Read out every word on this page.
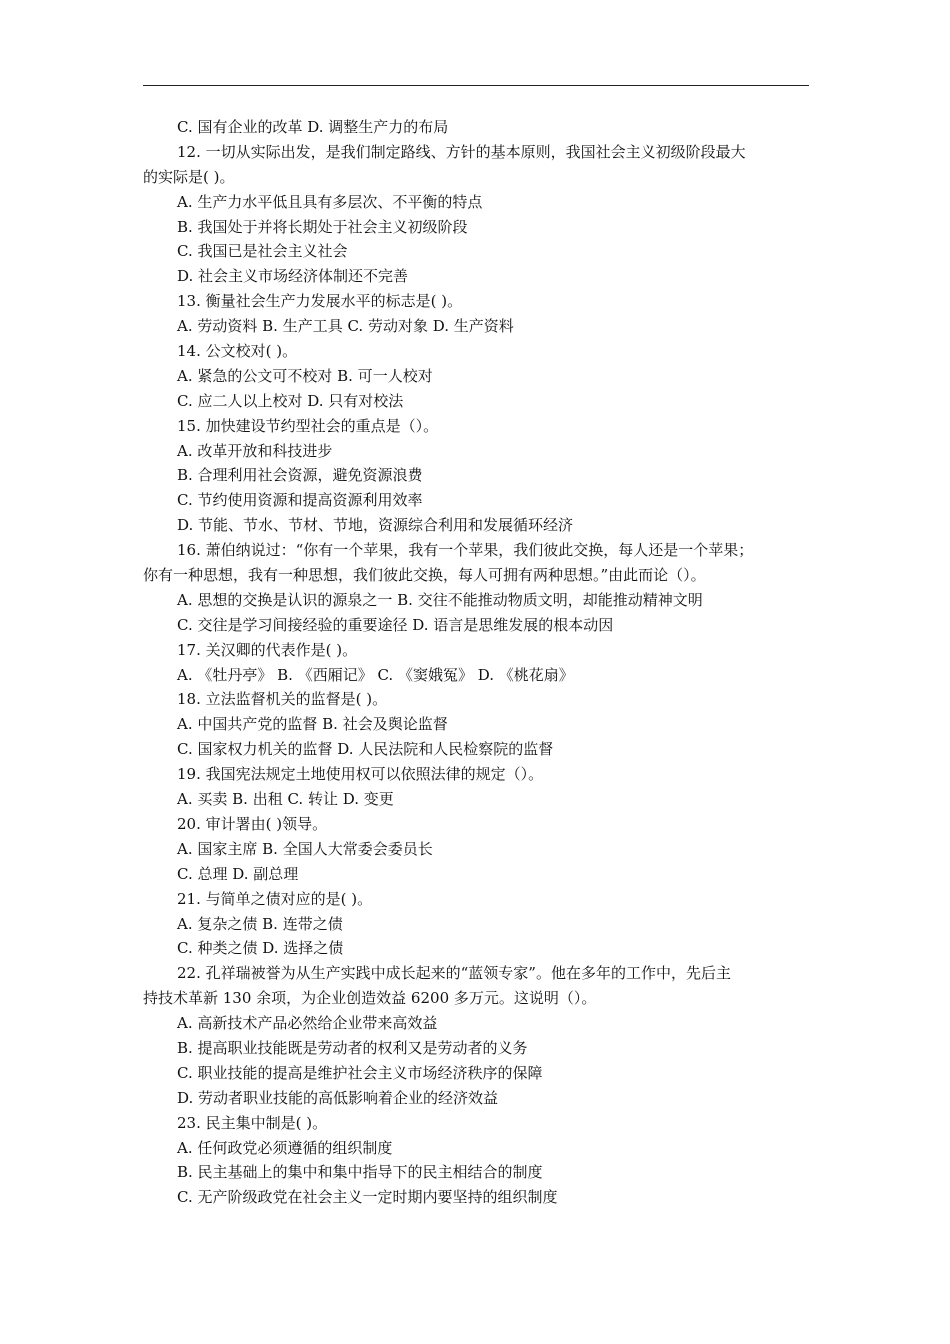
C. 国有企业的改革 D. 调整生产力的布局
12. 一切从实际出发，是我们制定路线、方针的基本原则，我国社会主义初级阶段最大
的实际是( )。
A. 生产力水平低且具有多层次、不平衡的特点
B. 我国处于并将长期处于社会主义初级阶段
C. 我国已是社会主义社会
D. 社会主义市场经济体制还不完善
13. 衡量社会生产力发展水平的标志是( )。
A. 劳动资料 B. 生产工具 C. 劳动对象 D. 生产资料
14. 公文校对( )。
A. 紧急的公文可不校对 B. 可一人校对
C. 应二人以上校对 D. 只有对校法
15. 加快建设节约型社会的重点是（）。
A. 改革开放和科技进步
B. 合理利用社会资源，避免资源浪费
C. 节约使用资源和提高资源利用效率
D. 节能、节水、节材、节地，资源综合利用和发展循环经济
16. 萧伯纳说过：“你有一个苹果，我有一个苹果，我们彼此交换，每人还是一个苹果；
你有一种思想，我有一种思想，我们彼此交换，每人可拥有两种思想。”由此而论（）。
A. 思想的交换是认识的源泉之一 B. 交往不能推动物质文明，却能推动精神文明
C. 交往是学习间接经验的重要途径 D. 语言是思维发展的根本动因
17. 关汉卿的代表作是( )。
A. 《牡丹亭》 B. 《西厢记》 C. 《窦娥冤》 D. 《桃花扇》
18. 立法监督机关的监督是( )。
A. 中国共产党的监督 B. 社会及舆论监督
C. 国家权力机关的监督 D. 人民法院和人民检察院的监督
19. 我国宪法规定土地使用权可以依照法律的规定（）。
A. 买卖 B. 出租 C. 转让 D. 变更
20. 审计署由( )领导。
A. 国家主席 B. 全国人大常委会委员长
C. 总理 D. 副总理
21. 与简单之债对应的是( )。
A. 复杂之债 B. 连带之债
C. 种类之债 D. 选择之债
22. 孔祥瑞被誉为从生产实践中成长起来的“蓝领专家”。他在多年的工作中，先后主
持技术革新 130 余项，为企业创造效益 6200 多万元。这说明（）。
A. 高新技术产品必然给企业带来高效益
B. 提高职业技能既是劳动者的权利又是劳动者的义务
C. 职业技能的提高是维护社会主义市场经济秩序的保障
D. 劳动者职业技能的高低影响着企业的经济效益
23. 民主集中制是( )。
A. 任何政党必须遵循的组织制度
B. 民主基础上的集中和集中指导下的民主相结合的制度
C. 无产阶级政党在社会主义一定时期内要坚持的组织制度
